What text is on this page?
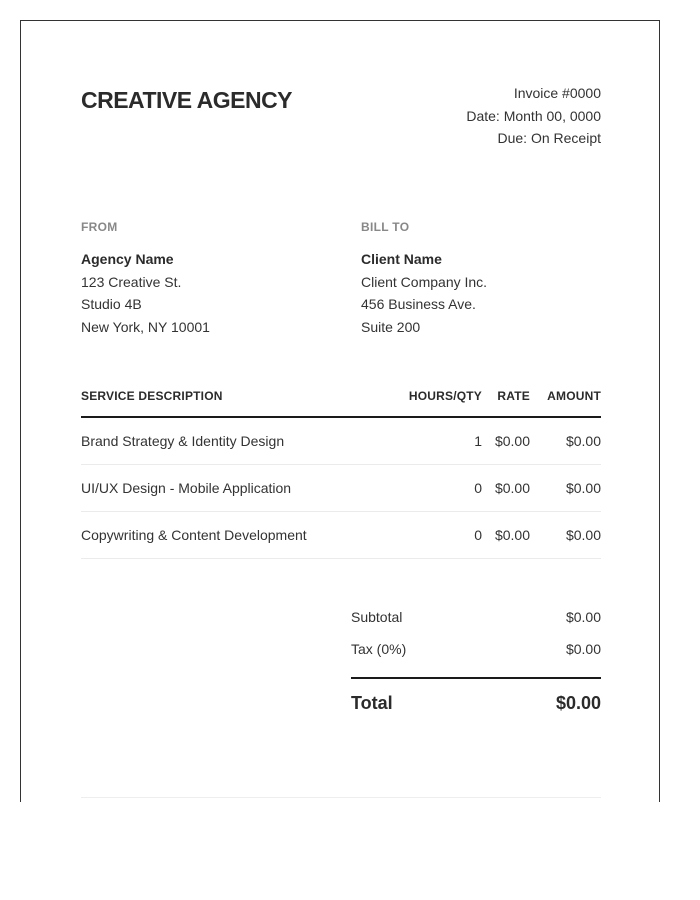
CREATIVE AGENCY	Invoice #0000
Date: Month 00, 0000
Due: On Receipt
FROM
Agency Name
123 Creative St.
Studio 4B
New York, NY 10001
BILL TO
Client Name
Client Company Inc.
456 Business Ave.
Suite 200
SERVICE DESCRIPTION	HOURS/QTY	RATE	AMOUNT
Brand Strategy & Identity Design	1 $0.00	$0.00
UI/UX Design - Mobile Application	0 $0.00	$0.00
Copywriting & Content Development	0 $0.00	$0.00
Subtotal	$0.00
Tax (0%)	$0.00
Total	$0.00
